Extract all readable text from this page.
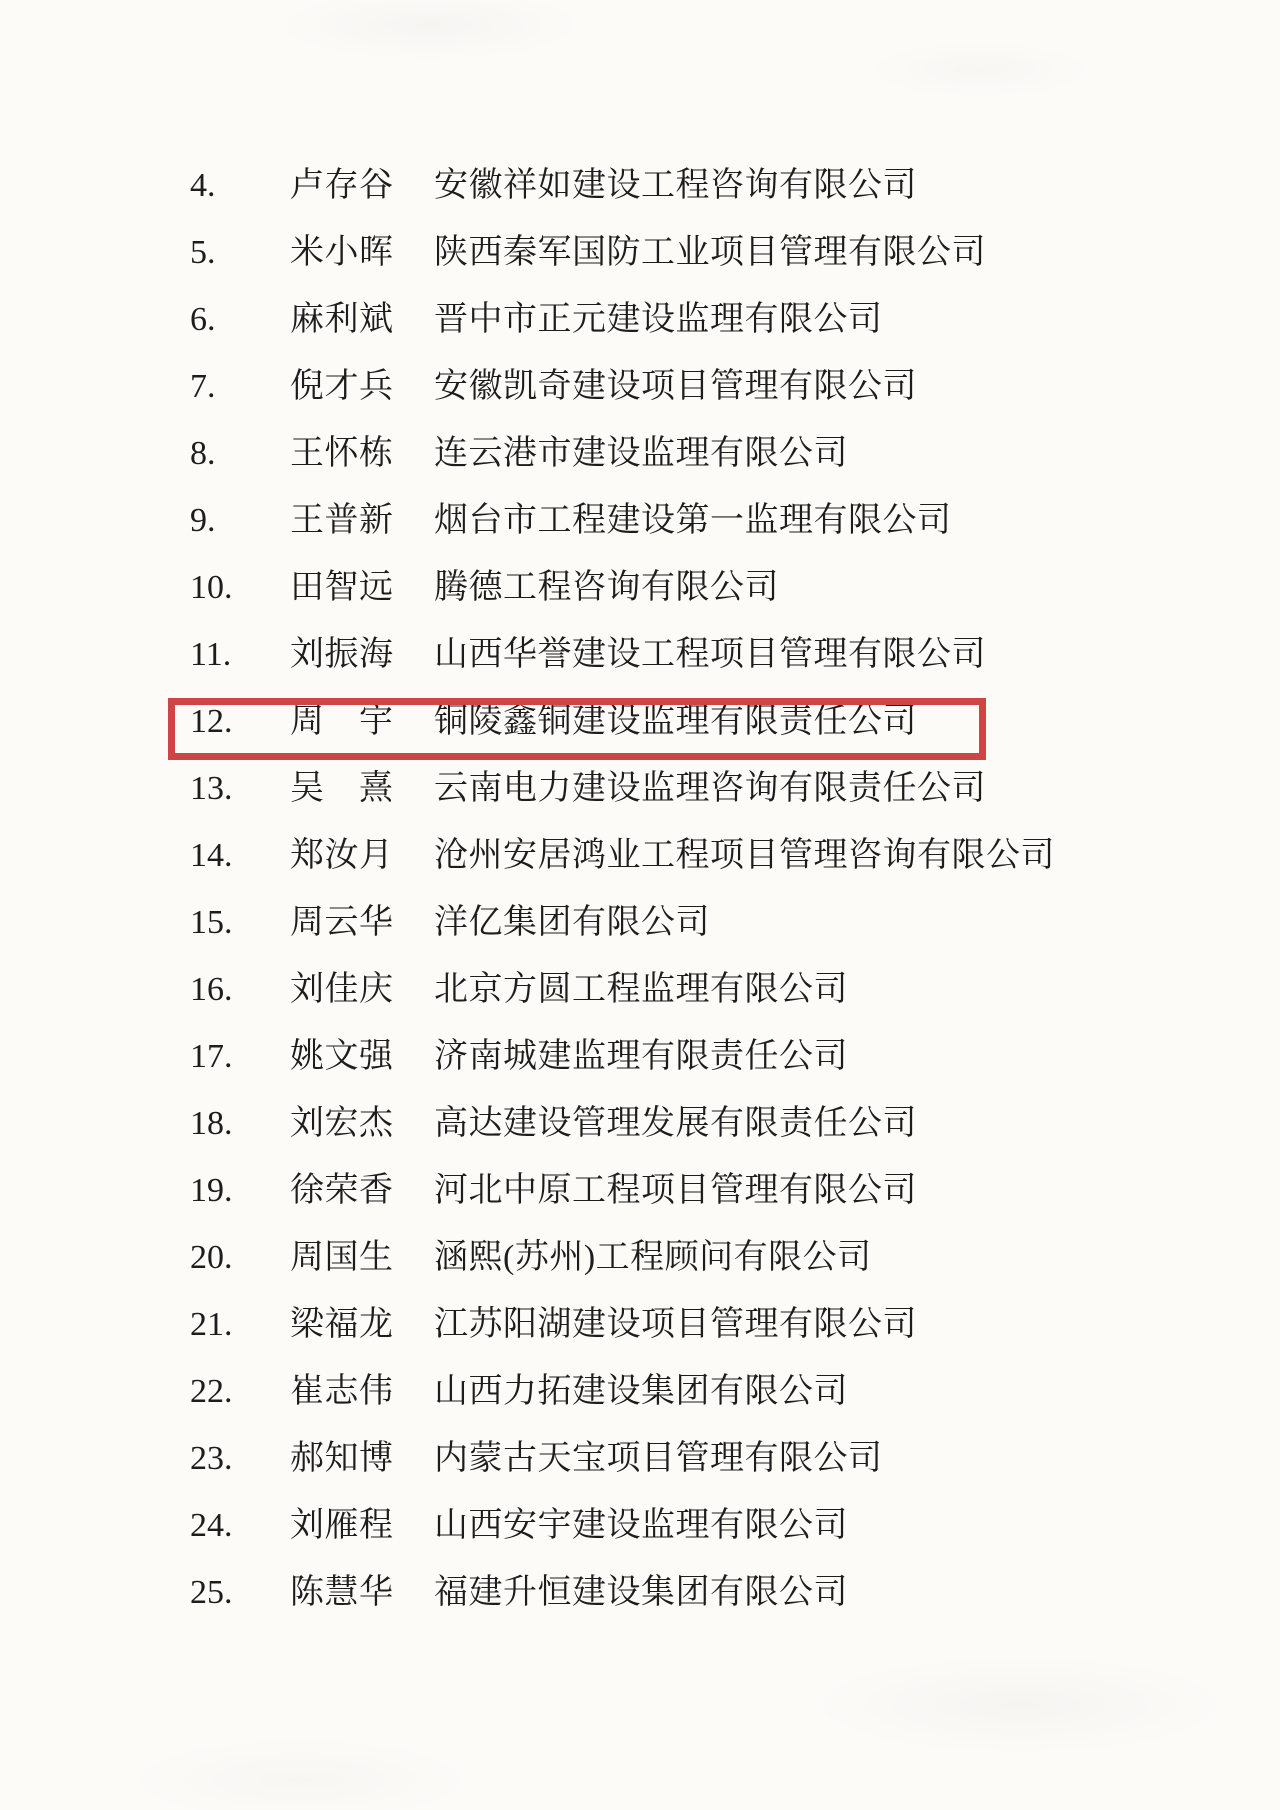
4.	卢存谷 安徽祥如建设工程咨询有限公司
5.	米小晖 陕西秦军国防工业项目管理有限公司
6.	麻利斌 晋中市正元建设监理有限公司
7.	倪才兵 安徽凯奇建设项目管理有限公司
8.	王怀栋 连云港市建设监理有限公司
9.	王普新 烟台市工程建设第一监理有限公司
10.	田智远 腾德工程咨询有限公司
11.	刘振海 山西华誉建设工程项目管理有限公司
12.	周 宇 铜陵鑫铜建设监理有限责任公司
13.	吴 熹 云南电力建设监理咨询有限责任公司
14.	郑汝月 沧州安居鸿业工程项目管理咨询有限公司
15.	周云华 洋亿集团有限公司
16.	刘佳庆 北京方圆工程监理有限公司
17.	姚文强 济南城建监理有限责任公司
18.	刘宏杰 高达建设管理发展有限责任公司
19.	徐荣香 河北中原工程项目管理有限公司
20.	周国生 涵熙(苏州)工程顾问有限公司
21.	梁福龙 江苏阳湖建设项目管理有限公司
22.	崔志伟 山西力拓建设集团有限公司
23.	郝知博 内蒙古天宝项目管理有限公司
24.	刘雁程 山西安宇建设监理有限公司
25.	陈慧华 福建升恒建设集团有限公司
